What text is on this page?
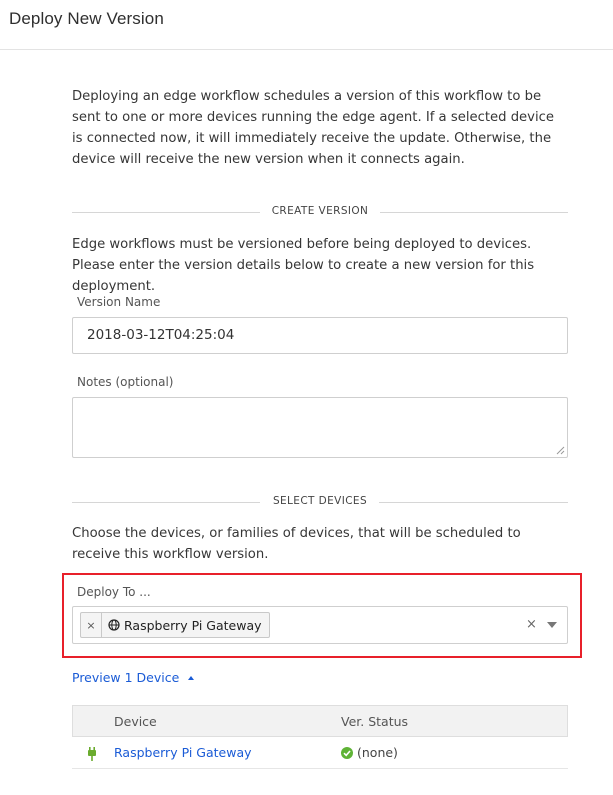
Deploy New Version

Deploying an edge workflow schedules a version of this workflow to be sent to one or more devices running the edge agent. If a selected device is connected now, it will immediately receive the update. Otherwise, the device will receive the new version when it connects again.

CREATE VERSION

Edge workflows must be versioned before being deployed to devices. Please enter the version details below to create a new version for this deployment.

Version Name
2018-03-12T04:25:04
Notes (optional)
SELECT DEVICES

Choose the devices, or families of devices, that will be scheduled to receive this workflow version.

Deploy To ...
×	Raspberry Pi Gateway	×
Preview 1 Device
Device	Ver. Status
Raspberry Pi Gateway	(none)
